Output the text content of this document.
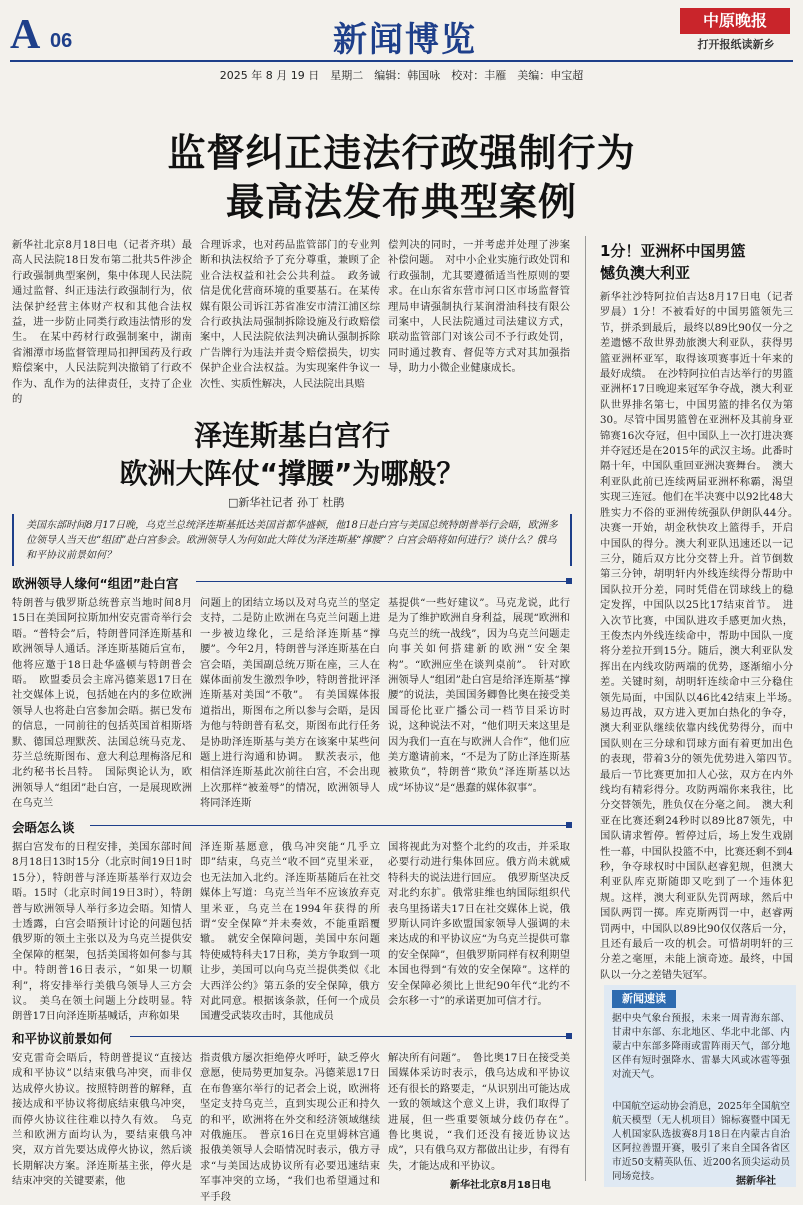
A 06	新闻博览	中原晚报
打开报纸读新乡
2025 年 8 月 19 日　星期二　编辑：韩国咏　校对：丰雁　美编：申宝超
监督纠正违法行政强制行为
最高法发布典型案例
新华社北京8月18日电（记者齐琪）最高人民法院18日发布第二批共5件涉企行政强制典型案例，集中体现人民法院通过监督、纠正违法行政强制行为，依法保护经营主体财产权和其他合法权益，进一步防止同类行政违法情形的发生。　在某中药材行政强制案中，湖南省湘潭市场监督管理局扣押国药及行政赔偿案中，人民法院判决撤销了行政不作为、乱作为的法律责任，支持了企业的
合理诉求，也对药品监管部门的专业判断和执法权给予了充分尊重，兼顾了企业合法权益和社会公共利益。　政务诚信是优化营商环境的重要基石。在某传媒有限公司诉江苏省准安市清江浦区综合行政执法局强制拆除设施及行政赔偿案中，人民法院依法判决确认强制拆除广告牌行为违法并责令赔偿损失，切实保护企业合法权益。为实现案件争议一次性、实质性解决，人民法院出具赔
偿判决的同时，一并考虑并处理了涉案补偿问题。　对中小企业实施行政处罚和行政强制，尤其要遵循适当性原则的要求。在山东省东营市河口区市场监督管理局申请强制执行某润滑油科技有限公司案中，人民法院通过司法建议方式，联动监管部门对该公司不予行政处罚，同时通过教育、督促等方式对其加强指导，助力小微企业健康成长。
泽连斯基白宫行
欧洲大阵仗“撑腰”为哪般？
□新华社记者 孙丁 杜鹃
美国东部时间8月17日晚，乌克兰总统泽连斯基抵达美国首都华盛顿，他18日赴白宫与美国总统特朗普举行会晤，欧洲多位领导人当天也“组团”赴白宫参会。欧洲领导人为何如此大阵仗为泽连斯基“撑腰”？白宫会晤将如何进行？谈什么？俄乌和平协议前景如何？
欧洲领导人缘何“组团”赴白宫
特朗普与俄罗斯总统普京当地时间8月15日在美国阿拉斯加州安克雷奇举行会晤。“普特会”后，特朗普同泽连斯基和欧洲领导人通话。泽连斯基随后宣布，他将应邀于18日赴华盛顿与特朗普会晤。　欧盟委员会主席冯德莱恩17日在社交媒体上说，包括她在内的多位欧洲领导人也将赴白宫参加会晤。据已发布的信息，一同前往的包括英国首相斯塔默、德国总理默茨、法国总统马克龙、芬兰总统斯图布、意大利总理梅洛尼和北约秘书长吕特。　国际舆论认为，欧洲领导人“组团”赴白宫，一是展现欧洲在乌克兰
问题上的团结立场以及对乌克兰的坚定支持，二是防止欧洲在乌克兰问题上进一步被边缘化，三是给泽连斯基“撑腰”。今年2月，特朗普与泽连斯基在白宫会晤，美国副总统万斯在座，三人在媒体面前发生激烈争吵，特朗普批评泽连斯基对美国“不敬”。　有美国媒体报道指出，斯图布之所以参与会晤，是因为他与特朗普有私交，斯图布此行任务是协助泽连斯基与美方在该案中某些问题上进行沟通和协调。　默茨表示，他相信泽连斯基此次前往白宫，不会出现上次那样“被羞辱”的情况，欧洲领导人将同泽连斯
基提供“一些好建议”。马克龙说，此行是为了维护欧洲自身利益，展现“欧洲和乌克兰的统一战线”，因为乌克兰问题走向事关如何搭建新的欧洲“安全架构”。“欧洲应坐在谈判桌前”。　针对欧洲领导人“组团”赴白宫是给泽连斯基“撑腰”的说法，美国国务卿鲁比奥在接受美国哥伦比亚广播公司一档节目采访时说，这种说法不对，“他们明天来这里是因为我们一直在与欧洲人合作”，他们应美方邀请前来，“不是为了防止泽连斯基被欺负”，特朗普“欺负”泽连斯基以达成“坏协议”是“愚蠢的媒体叙事”。
会晤怎么谈
据白宫发布的日程安排，美国东部时间8月18日13时15分（北京时间19日1时15分），特朗普与泽连斯基举行双边会晤。15时（北京时间19日3时），特朗普与欧洲领导人举行多边会晤。知情人士透露，白宫会晤预计讨论的问题包括俄罗斯的领土主张以及为乌克兰提供安全保障的框架，包括美国将如何参与其中。特朗普16日表示，“如果一切顺利”，将安排举行美俄乌领导人三方会议。　美乌在领土问题上分歧明显。特朗普17日向泽连斯基喊话，声称如果
泽连斯基愿意，俄乌冲突能“几乎立即”结束，乌克兰“收不回”克里米亚，也无法加入北约。泽连斯基随后在社交媒体上写道：乌克兰当年不应该放弃克里米亚，乌克兰在1994年获得的所谓“安全保障”并未奏效，不能重蹈覆辙。　就安全保障问题，美国中东问题特使威特科夫17日称，美方争取到一项让步，美国可以向乌克兰提供类似《北大西洋公约》第五条的安全保障，俄方对此同意。根据该条款，任何一个成员国遭受武装攻击时，其他成员
国将视此为对整个北约的攻击，并采取必要行动进行集体回应。俄方尚未就威特科夫的说法进行回应。　俄罗斯坚决反对北约东扩。俄常驻维也纳国际组织代表乌里扬诺夫17日在社交媒体上说，俄罗斯认同许多欧盟国家领导人强调的未来达成的和平协议应“为乌克兰提供可靠的安全保障”，但俄罗斯同样有权利期望本国也得到“有效的安全保障”。这样的安全保障必须比上世纪90年代“北约不会东移一寸”的承诺更加可信才行。
和平协议前景如何
安克雷奇会晤后，特朗普提议“直接达成和平协议”以结束俄乌冲突，而非仅达成停火协议。按照特朗普的解释，直接达成和平协议将彻底结束俄乌冲突，而停火协议往往难以持久有效。　乌克兰和欧洲方面均认为，要结束俄乌冲突，双方首先要达成停火协议，然后谈长期解决方案。泽连斯基主张，停火是结束冲突的关键要素，他
指责俄方屡次拒绝停火呼吁，缺乏停火意愿，使局势更加复杂。冯德莱恩17日在布鲁塞尔举行的记者会上说，欧洲将坚定支持乌克兰，直到实现公正和持久的和平，欧洲将在外交和经济领域继续对俄施压。　普京16日在克里姆林宫通报俄美领导人会晤情况时表示，俄方寻求“与美国达成协议所有必要迅速结束军事冲突的立场，“我们也希望通过和平手段
解决所有问题”。　鲁比奥17日在接受美国媒体采访时表示，俄乌达成和平协议还有很长的路要走，“从识别出可能达成一致的领域这个意义上讲，我们取得了进展，但一些重要领域分歧仍存在”。　鲁比奥说，“我们还没有接近协议达成”，只有俄乌双方都做出让步，有得有失，才能达成和平协议。
新华社北京8月18日电
1分！亚洲杯中国男篮
憾负澳大利亚
新华社沙特阿拉伯吉达8月17日电（记者罗晨）1分！不被看好的中国男篮领先三节，拼杀到最后，最终以89比90仅一分之差遗憾不敌世界劲旅澳大利亚队，获得男篮亚洲杯亚军，取得该项赛事近十年来的最好成绩。　在沙特阿拉伯吉达举行的男篮亚洲杯17日晚迎来冠军争夺战，澳大利亚队世界排名第七，中国男篮的排名仅为第30。尽管中国男篮曾在亚洲杯及其前身亚锦赛16次夺冠，但中国队上一次打进决赛并夺冠还是在2015年的武汉主场。此番时隔十年，中国队重回亚洲决赛舞台。　澳大利亚队此前已连续两届亚洲杯称霸，渴望实现三连冠。他们在半决赛中以92比48大胜实力不俗的亚洲传统强队伊朗队44分。　决赛一开始，胡金秋快攻上篮得手，开启中国队的得分。澳大利亚队迅速还以一记三分，随后双方比分交替上升。首节倒数第三分钟，胡明轩内外线连续得分帮助中国队拉开分差，同时凭借在罚球线上的稳定发挥，中国队以25比17结束首节。　进入次节比赛，中国队进攻手感更加火热，王俊杰内外线连续命中，帮助中国队一度将分差拉开到15分。随后，澳大利亚队发挥出在内线攻防两端的优势，逐渐缩小分差。关键时刻，胡明轩连续命中三分稳住领先局面，中国队以46比42结束上半场。　易边再战，双方进入更加白热化的争夺，澳大利亚队继续依靠内线优势得分，而中国队则在三分球和罚球方面有着更加出色的表现，带着3分的领先优势进入第四节。　最后一节比赛更加扣人心弦，双方在内外线均有精彩得分。攻防两端你来我往，比分交替领先，胜负仅在分毫之间。　澳大利亚在比赛还剩24秒时以89比87领先，中国队请求暂停。暂停过后，场上发生戏剧性一幕，中国队投篮不中，比赛还剩不到4秒，争夺球权时中国队赵睿犯规，但澳大利亚队库克斯随即又吃到了一个违体犯规。这样，澳大利亚队先罚两球，然后中国队两罚一掷。库克斯两罚一中，赵睿两罚两中，中国队以89比90仅仅落后一分，且还有最后一攻的机会。可惜胡明轩的三分差之毫厘，未能上演奇迹。最终，中国队以一分之差错失冠军。
新闻速读
据中央气象台预报，未来一周青海东部、甘肃中东部、东北地区、华北中北部、内蒙古中东部多降雨或雷阵雨天气，部分地区伴有短时强降水、雷暴大风或冰雹等强对流天气。
中国航空运动协会消息，2025年全国航空航天模型（无人机项目）锦标赛暨中国无人机国家队选拔赛8月18日在内蒙古自治区阿拉善盟开赛，吸引了来自全国各省区市近50支精英队伍、近200名顶尖运动员同场竞技。	据新华社
